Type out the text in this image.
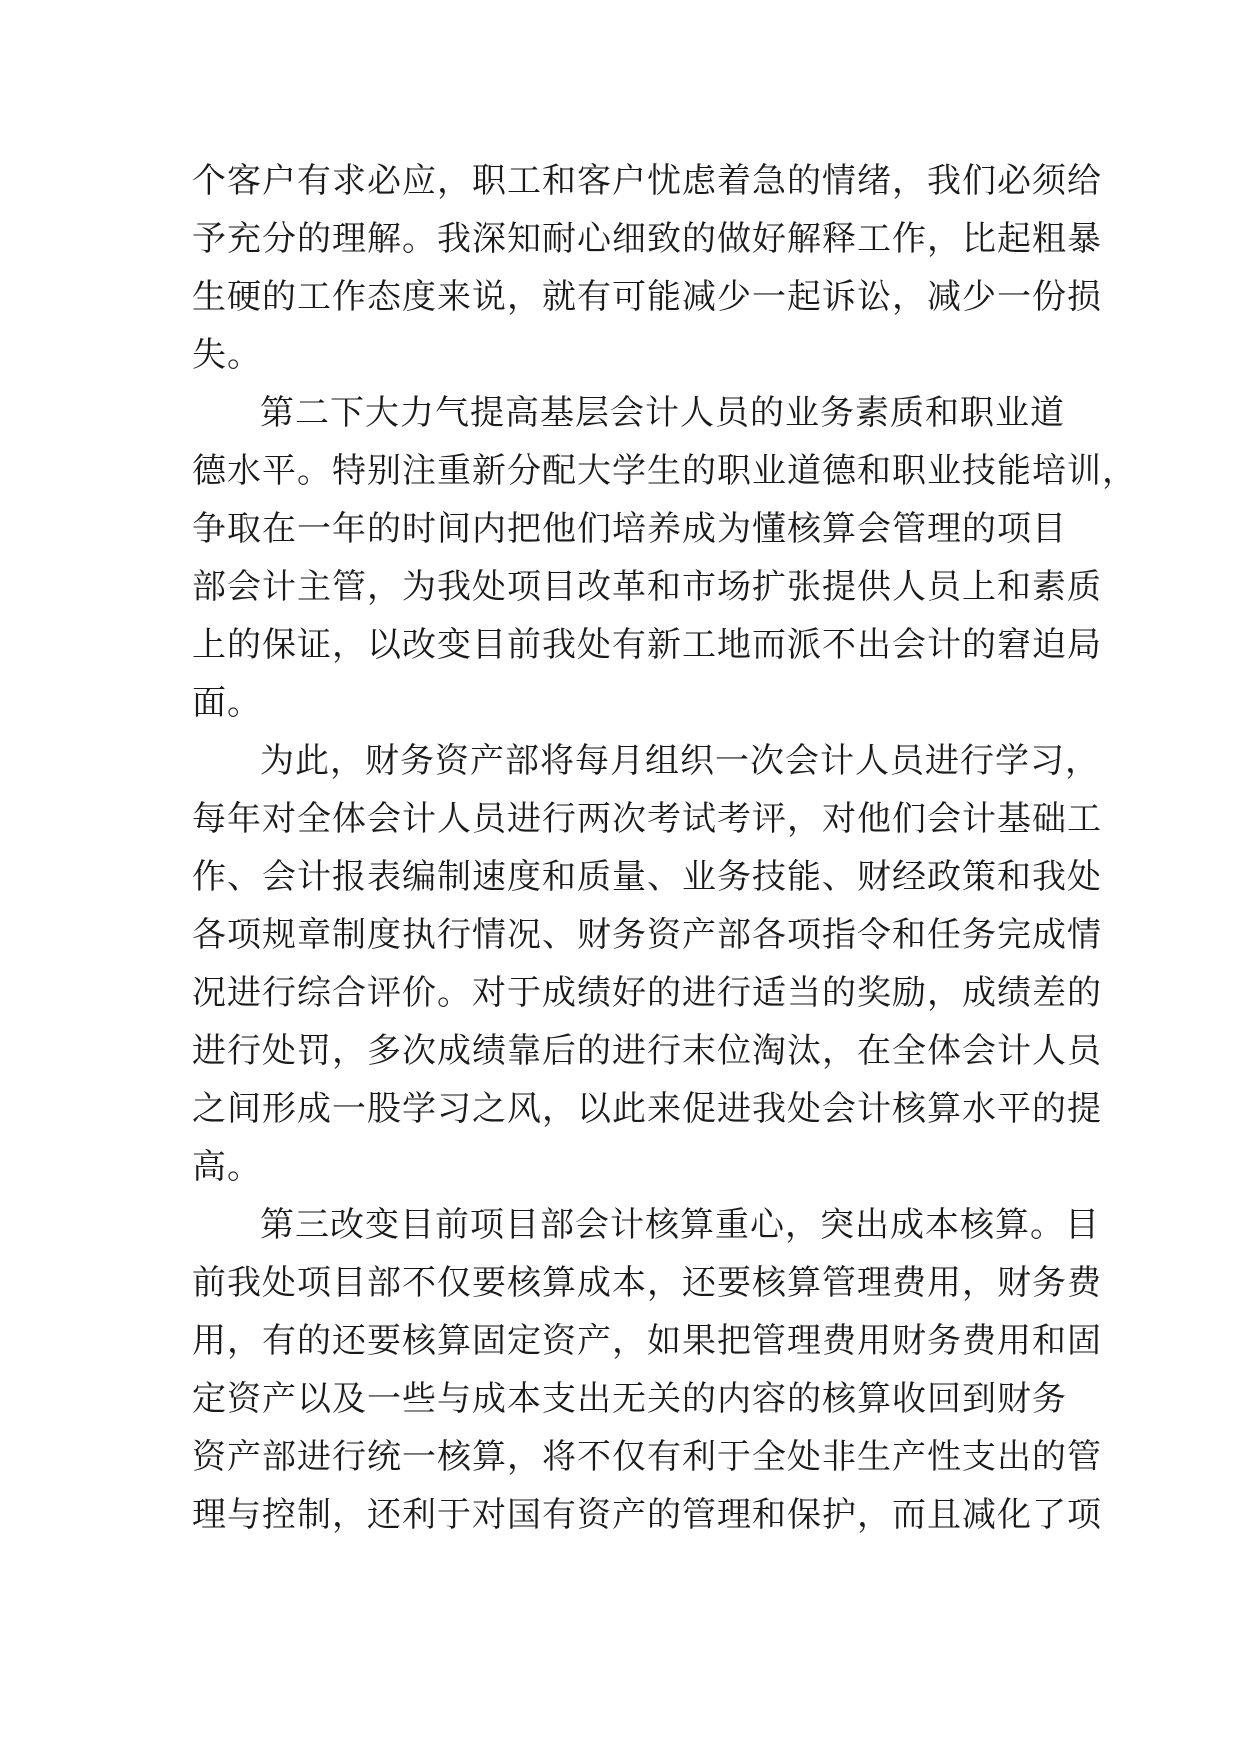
个客户有求必应，职工和客户忧虑着急的情绪，我们必须给
予充分的理解。我深知耐心细致的做好解释工作，比起粗暴
生硬的工作态度来说，就有可能减少一起诉讼，减少一份损
失。
第二下大力气提高基层会计人员的业务素质和职业道
德水平。特别注重新分配大学生的职业道德和职业技能培训，
争取在一年的时间内把他们培养成为懂核算会管理的项目
部会计主管，为我处项目改革和市场扩张提供人员上和素质
上的保证，以改变目前我处有新工地而派不出会计的窘迫局
面。
为此，财务资产部将每月组织一次会计人员进行学习，
每年对全体会计人员进行两次考试考评，对他们会计基础工
作、会计报表编制速度和质量、业务技能、财经政策和我处
各项规章制度执行情况、财务资产部各项指令和任务完成情
况进行综合评价。对于成绩好的进行适当的奖励，成绩差的
进行处罚，多次成绩靠后的进行末位淘汰，在全体会计人员
之间形成一股学习之风，以此来促进我处会计核算水平的提
高。
第三改变目前项目部会计核算重心，突出成本核算。目
前我处项目部不仅要核算成本，还要核算管理费用，财务费
用，有的还要核算固定资产，如果把管理费用财务费用和固
定资产以及一些与成本支出无关的内容的核算收回到财务
资产部进行统一核算，将不仅有利于全处非生产性支出的管
理与控制，还利于对国有资产的管理和保护，而且减化了项
